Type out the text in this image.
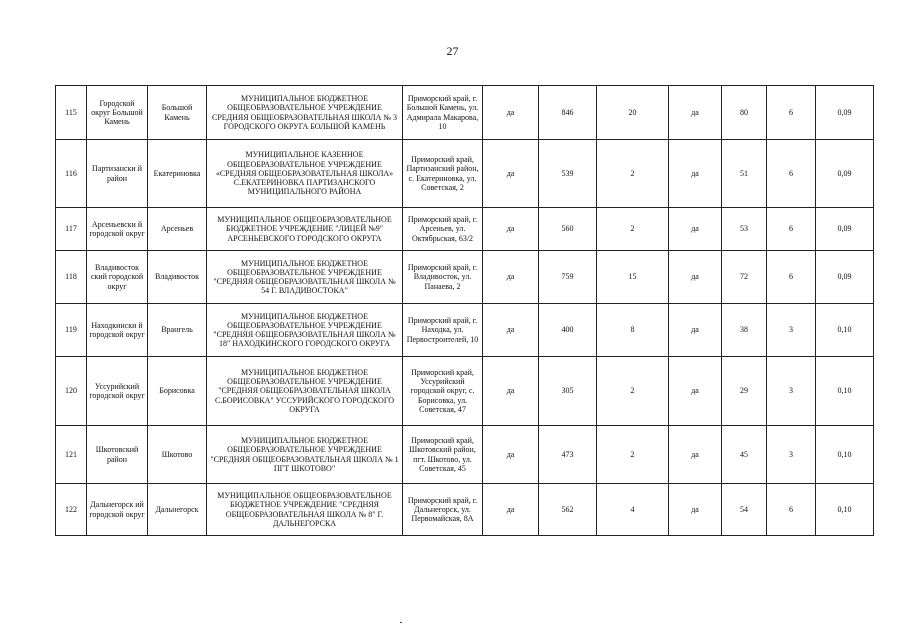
27
115	Городской округ Большой Камень	Большой Камень	МУНИЦИПАЛЬНОЕ БЮДЖЕТНОЕ ОБЩЕОБРАЗОВАТЕЛЬНОЕ УЧРЕЖДЕНИЕ СРЕДНЯЯ ОБЩЕОБРАЗОВАТЕЛЬНАЯ ШКОЛА № 3 ГОРОДСКОГО ОКРУГА БОЛЬШОЙ КАМЕНЬ	Приморский край, г. Большой Камень, ул. Адмирала Макарова, 10	да	846	20	да	80	6	0,09
116	Партизански й район	Екатериновка	МУНИЦИПАЛЬНОЕ КАЗЕННОЕ ОБЩЕОБРАЗОВАТЕЛЬНОЕ УЧРЕЖДЕНИЕ «СРЕДНЯЯ ОБЩЕОБРАЗОВАТЕЛЬНАЯ ШКОЛА» С.ЕКАТЕРИНОВКА ПАРТИЗАНСКОГО МУНИЦИПАЛЬНОГО РАЙОНА	Приморский край, Партизанский район, с. Екатериновка, ул. Советская, 2	да	539	2	да	51	6	0,09
117	Арсеньевски й городской округ	Арсеньев	МУНИЦИПАЛЬНОЕ ОБЩЕОБРАЗОВАТЕЛЬНОЕ БЮДЖЕТНОЕ УЧРЕЖДЕНИЕ "ЛИЦЕЙ №9" АРСЕНЬЕВСКОГО ГОРОДСКОГО ОКРУГА	Приморский край, г. Арсеньев, ул. Октябрьская, 63/2	да	560	2	да	53	6	0,09
118	Владивосток ский городской округ	Владивосток	МУНИЦИПАЛЬНОЕ БЮДЖЕТНОЕ ОБЩЕОБРАЗОВАТЕЛЬНОЕ УЧРЕЖДЕНИЕ "СРЕДНЯЯ ОБЩЕОБРАЗОВАТЕЛЬНАЯ ШКОЛА № 54 Г. ВЛАДИВОСТОКА"	Приморский край, г. Владивосток, ул. Панаева, 2	да	759	15	да	72	6	0,09
119	Находкински й городской округ	Врангель	МУНИЦИПАЛЬНОЕ БЮДЖЕТНОЕ ОБЩЕОБРАЗОВАТЕЛЬНОЕ УЧРЕЖДЕНИЕ "СРЕДНЯЯ ОБЩЕОБРАЗОВАТЕЛЬНАЯ ШКОЛА № 18" НАХОДКИНСКОГО ГОРОДСКОГО ОКРУГА	Приморский край, г. Находка, ул. Первостроителей, 10	да	400	8	да	38	3	0,10
120	Уссурийский городской округ	Борисовка	МУНИЦИПАЛЬНОЕ БЮДЖЕТНОЕ ОБЩЕОБРАЗОВАТЕЛЬНОЕ УЧРЕЖДЕНИЕ "СРЕДНЯЯ ОБЩЕОБРАЗОВАТЕЛЬНАЯ ШКОЛА С.БОРИСОВКА" УССУРИЙСКОГО ГОРОДСКОГО ОКРУГА	Приморский край, Уссурийский городской округ, с. Борисовка, ул. Советская, 47	да	305	2	да	29	3	0,10
121	Шкотовский район	Шкотово	МУНИЦИПАЛЬНОЕ БЮДЖЕТНОЕ ОБЩЕОБРАЗОВАТЕЛЬНОЕ УЧРЕЖДЕНИЕ "СРЕДНЯЯ ОБЩЕОБРАЗОВАТЕЛЬНАЯ ШКОЛА № 1 ПГТ ШКОТОВО"	Приморский край, Шкотовский район, пгт. Шкотово, ул. Советская, 45	да	473	2	да	45	3	0,10
122	Дальнегорск ий городской округ	Дальнегорск	МУНИЦИПАЛЬНОЕ ОБЩЕОБРАЗОВАТЕЛЬНОЕ БЮДЖЕТНОЕ УЧРЕЖДЕНИЕ "СРЕДНЯЯ ОБЩЕОБРАЗОВАТЕЛЬНАЯ ШКОЛА № 8" Г. ДАЛЬНЕГОРСКА	Приморский край, г. Дальнегорск, ул. Первомайская, 8А	да	562	4	да	54	6	0,10
